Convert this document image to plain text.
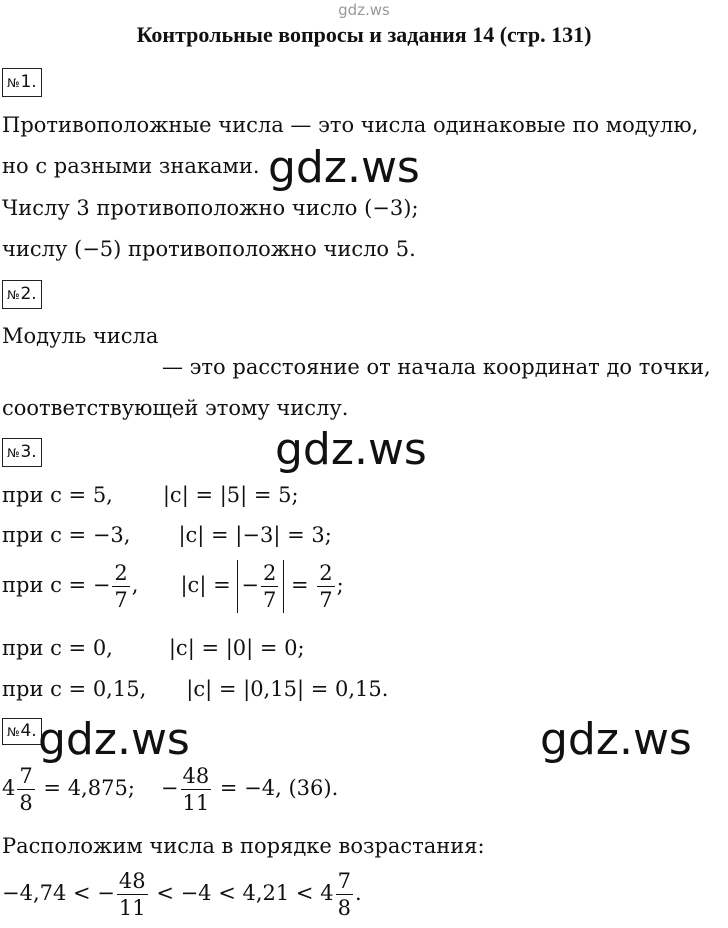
gdz.ws
Контрольные вопросы и задания 14 (стр. 131)
№1.
Противоположные числа — это числа одинаковые по модулю,
но с разными знаками.
Числу 3 противоположно число (−3);
числу (−5) противоположно число 5.
gdz.ws
№2.
Модуль числа
— это расстояние от начала координат до точки,
соответствующей этому числу.
№3.	gdz.ws
при c = 5, |c| = |5| = 5;
при c = −3, |c| = |−3| = 3;
при c = − $\frac{2}{7}$ , |c| = − $\frac{2}{7} = \frac{2}{7}$ ;
при c = 0,	|c| = |0| = 0;
при c = 0,15, |c| = |0,15| = 0,15.
№4. gdz.ws	gdz.ws
$4 \frac{7}{8} = 4,875$; − $\frac{48}{11} = -4$, (36).
Расположим числа в порядке возрастания:
−4,74 < − $\frac{48}{11} < -4 < 4,21 < 4 \frac{7}{8}$ .
